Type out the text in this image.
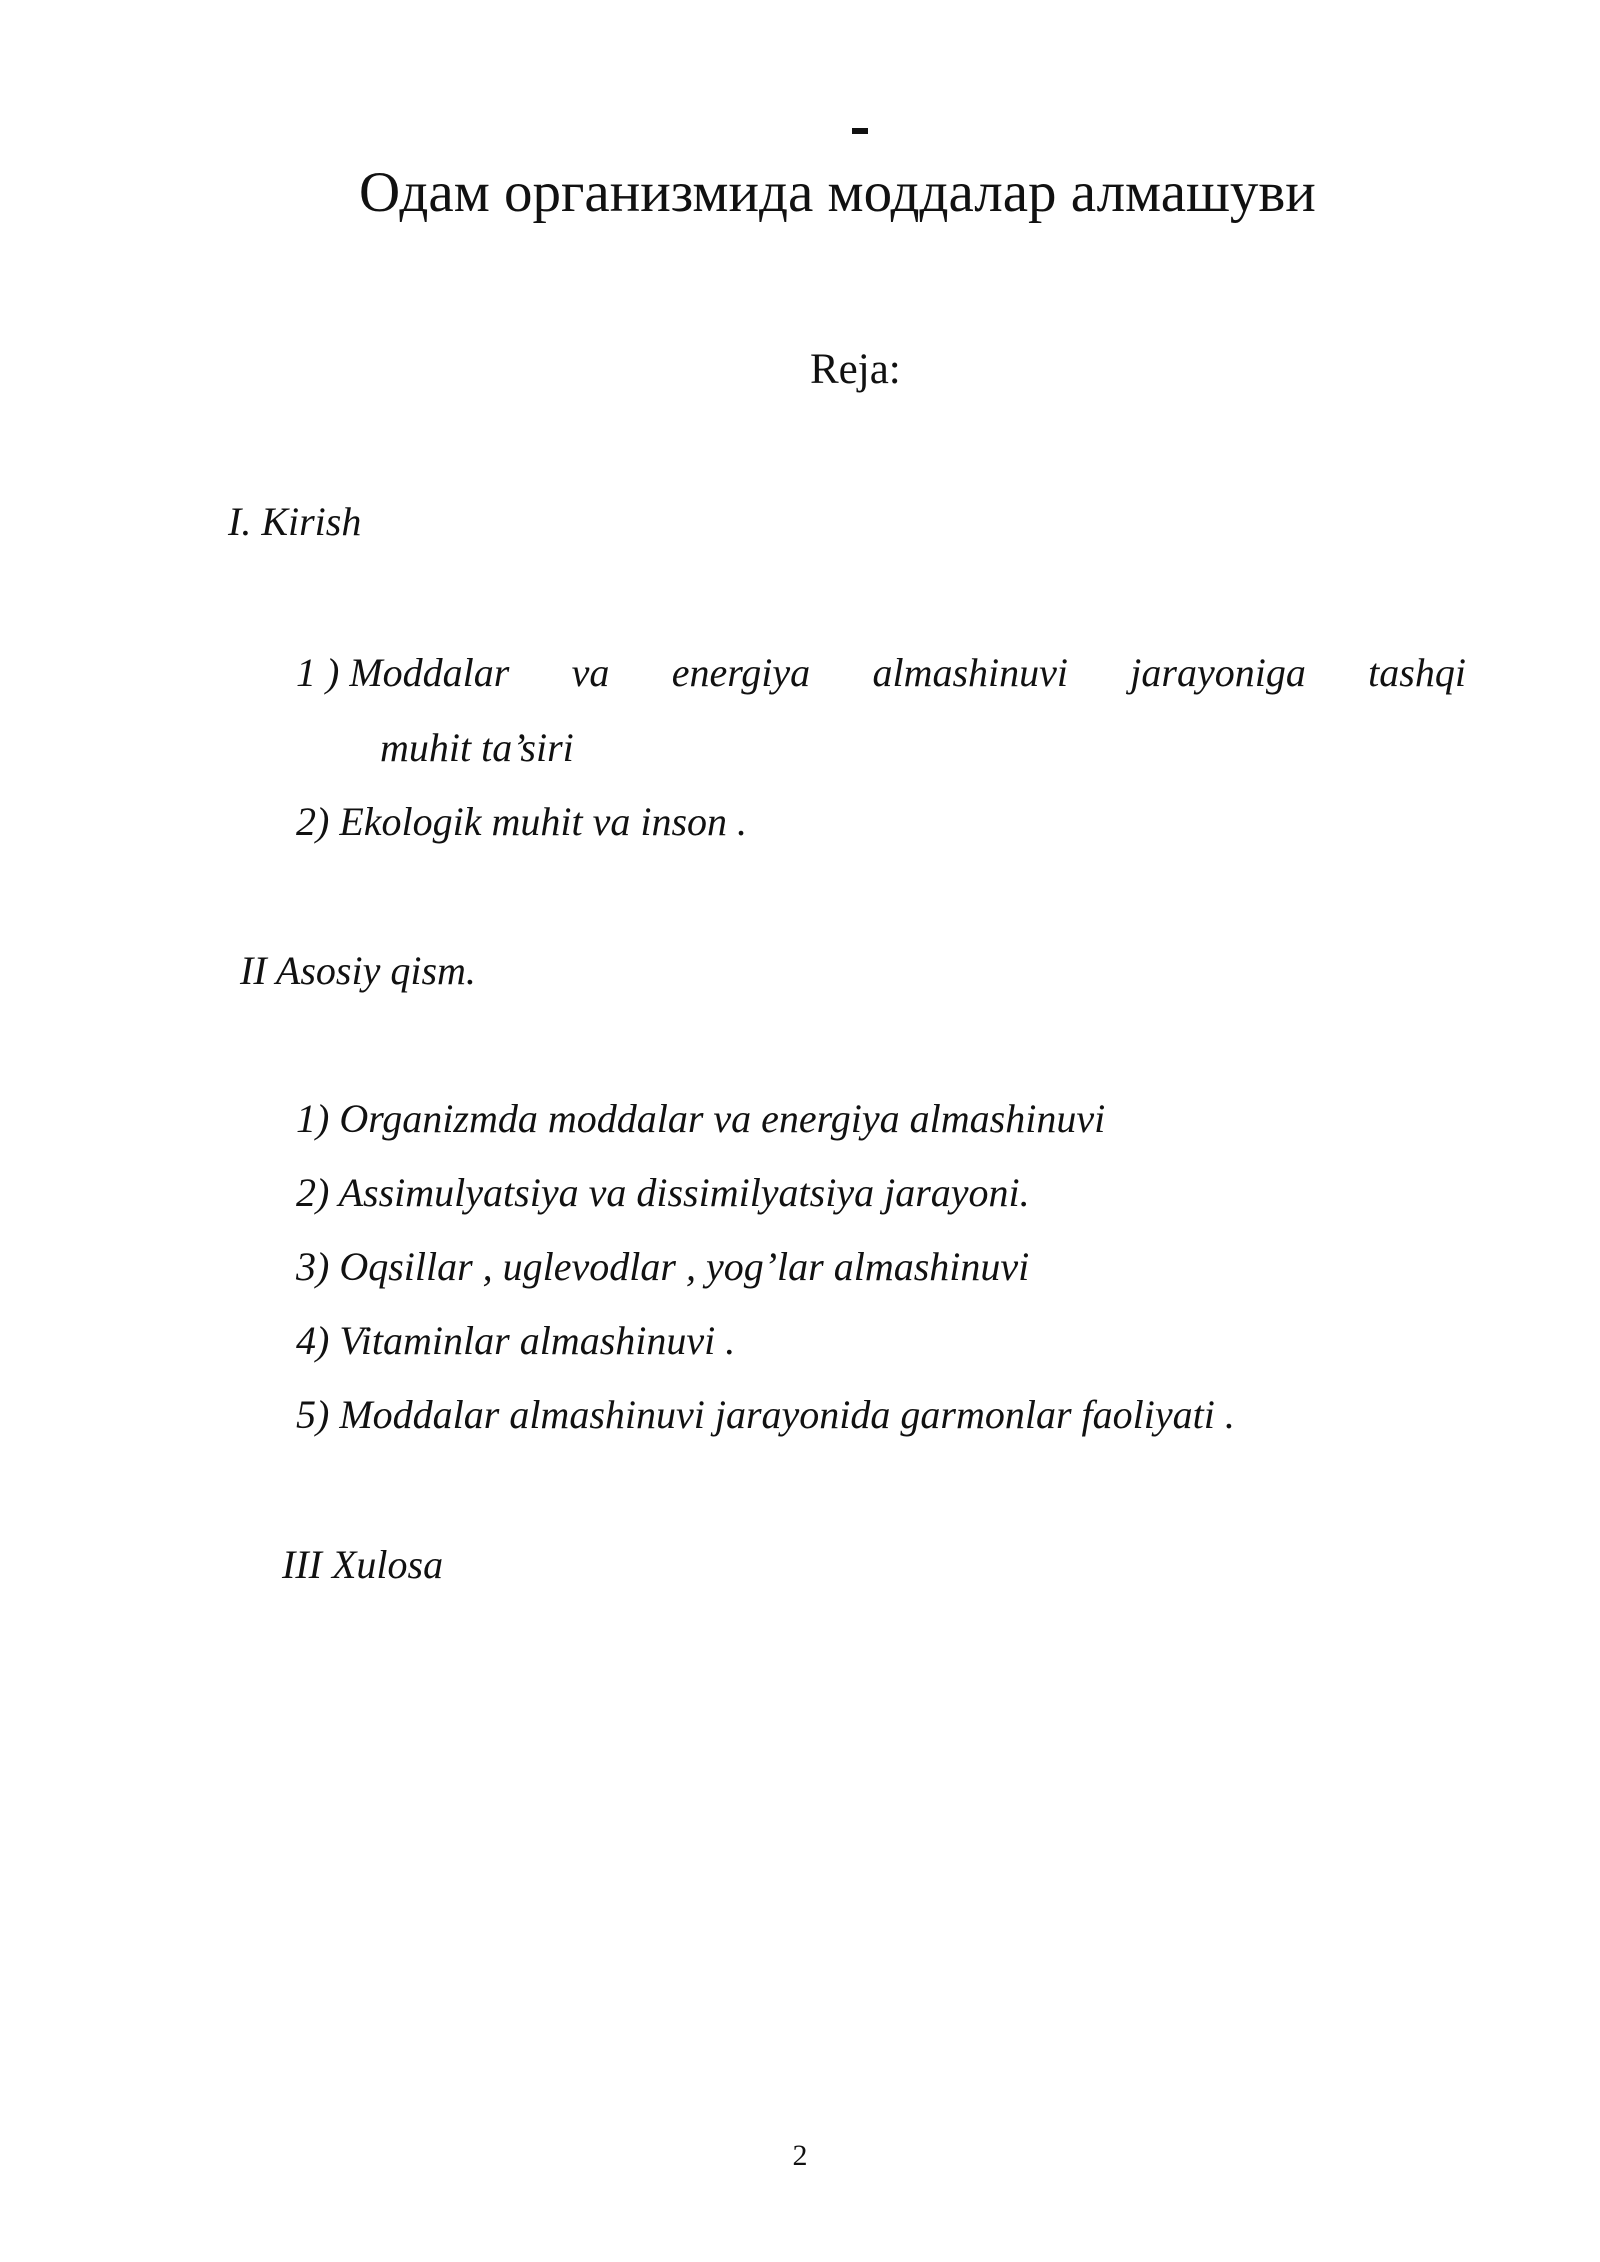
Одам организмида моддалар алмашуви
Reja:
I. Kirish
1 ) Moddalar va energiya almashinuvi jarayoniga tashqi
muhit ta’siri
2) Ekologik muhit va inson .
II Asosiy qism.
1) Organizmda moddalar va energiya almashinuvi
2) Assimulyatsiya va dissimilyatsiya jarayoni.
3) Oqsillar , uglevodlar , yog’lar almashinuvi
4) Vitaminlar almashinuvi .
5) Moddalar almashinuvi jarayonida garmonlar faoliyati .
III Xulosa
2
